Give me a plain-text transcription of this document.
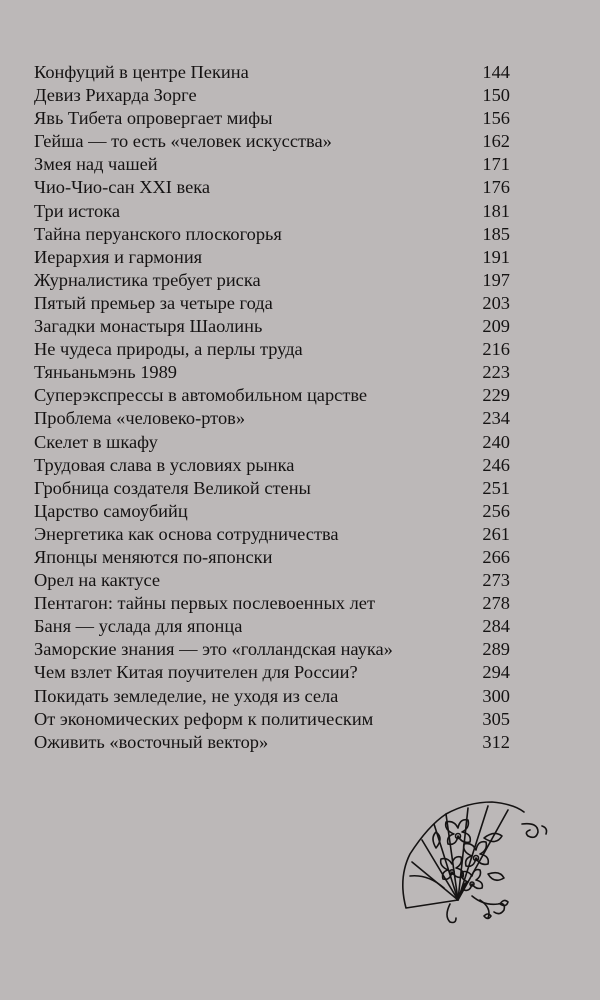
Конфуций в центре Пекина	144
Девиз Рихарда Зорге	150
Явь Тибета опровергает мифы	156
Гейша — то есть «человек искусства»	162
Змея над чашей	171
Чио-Чио-сан XXI века	176
Три истока	181
Тайна перуанского плоскогорья	185
Иерархия и гармония	191
Журналистика требует риска	197
Пятый премьер за четыре года	203
Загадки монастыря Шаолинь	209
Не чудеса природы, а перлы труда	216
Тяньаньмэнь 1989	223
Суперэкспрессы в автомобильном царстве	229
Проблема «человеко-ртов»	234
Скелет в шкафу	240
Трудовая слава в условиях рынка	246
Гробница создателя Великой стены	251
Царство самоубийц	256
Энергетика как основа сотрудничества	261
Японцы меняются по-японски	266
Орел на кактусе	273
Пентагон: тайны первых послевоенных лет	278
Баня — услада для японца	284
Заморские знания — это «голландская наука»	289
Чем взлет Китая поучителен для России?	294
Покидать земледелие, не уходя из села	300
От экономических реформ к политическим	305
Оживить «восточный вектор»	312
